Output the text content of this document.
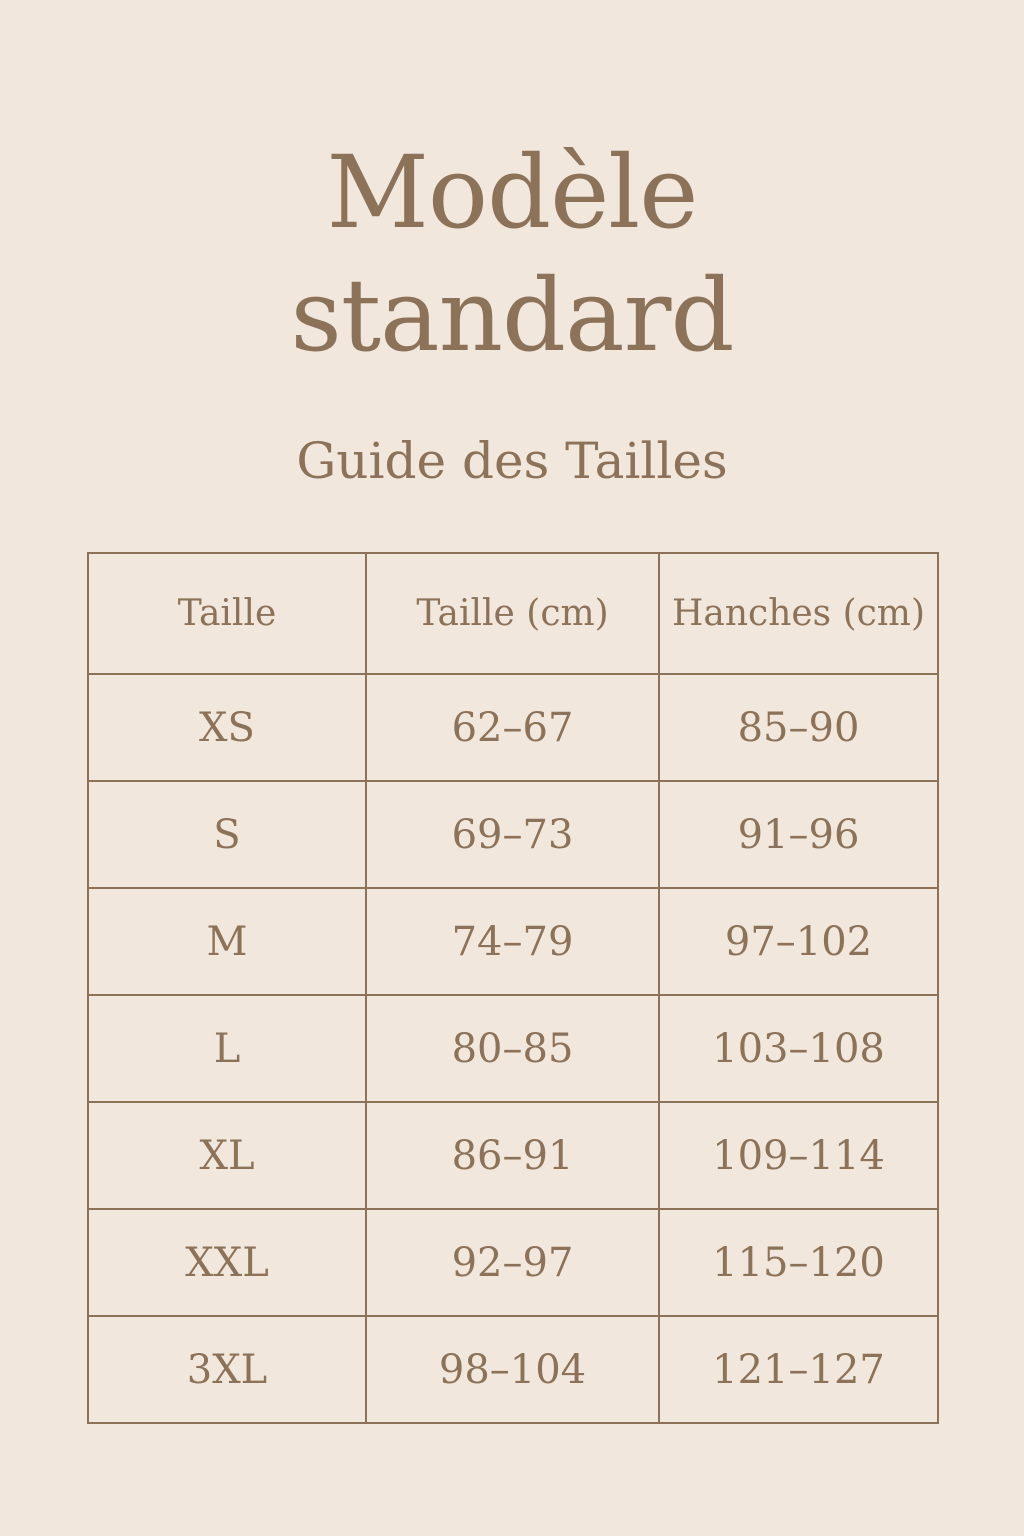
Modèle
standard
Guide des Tailles
Taille	Taille (cm)	Hanches (cm)
XS	62–67	85–90
S	69–73	91–96
M	74–79	97–102
L	80–85	103–108
XL	86–91	109–114
XXL	92–97	115–120
3XL	98–104	121–127
